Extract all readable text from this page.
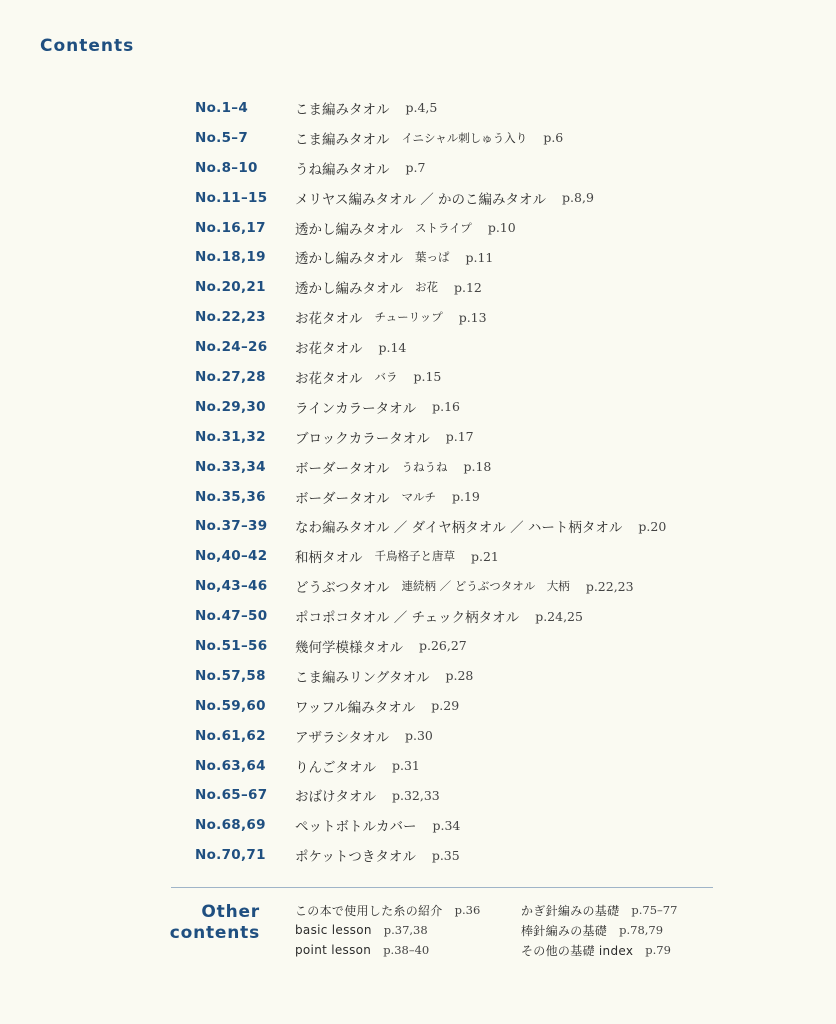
Contents
No.1–4	こま編みタオル p.4,5
No.5–7	こま編みタオル イニシャル刺しゅう入り p.6
No.8–10	うね編みタオル p.7
No.11–15	メリヤス編みタオル ／ かのこ編みタオル p.8,9
No.16,17	透かし編みタオル ストライプ p.10
No.18,19	透かし編みタオル 葉っぱ p.11
No.20,21	透かし編みタオル お花 p.12
No.22,23	お花タオル チューリップ p.13
No.24–26	お花タオル p.14
No.27,28	お花タオル バラ p.15
No.29,30	ラインカラータオル p.16
No.31,32	ブロックカラータオル p.17
No.33,34	ボーダータオル うねうね p.18
No.35,36	ボーダータオル マルチ p.19
No.37–39	なわ編みタオル ／ ダイヤ柄タオル ／ ハート柄タオル p.20
No,40–42	和柄タオル 千鳥格子と唐草 p.21
No,43–46	どうぶつタオル 連続柄 ／ どうぶつタオル　大柄 p.22,23
No.47–50	ポコポコタオル ／ チェック柄タオル p.24,25
No.51–56	幾何学模様タオル p.26,27
No.57,58	こま編みリングタオル p.28
No.59,60	ワッフル編みタオル p.29
No.61,62	アザラシタオル p.30
No.63,64	りんごタオル p.31
No.65–67	おばけタオル p.32,33
No.68,69	ペットボトルカバー p.34
No.70,71	ポケットつきタオル p.35
Other
contents
この本で使用した糸の紹介 p.36
basic lesson p.37,38
point lesson p.38–40
かぎ針編みの基礎 p.75–77
棒針編みの基礎 p.78,79
その他の基礎 index p.79
